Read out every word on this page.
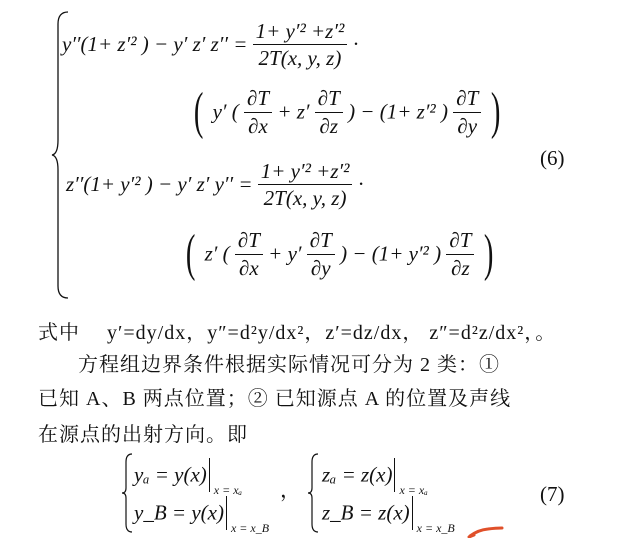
y′′(1+ z′² ) − y′ z′ $z'' = \frac{\text{1+ y′² +z′²}}{2T(x, y, z)}$ ·
( y′ ( $\frac{\partial T}{\partial x} + z' \frac{\partial T}{\partial z}$ ) − (1+ z′² ) $\frac{\partial T}{\partial y}$ )
(6)
z′′(1+ y′² ) − y′ z′ $y'' = \frac{\text{1+ y′² +z′²}}{2T(x, y, z)}$ ·
( z′ ( $\frac{\partial T}{\partial x} + y' \frac{\partial T}{\partial y}$ ) − (1+ y′² ) $\frac{\partial T}{\partial z}$ )
式中　 y′=dy/dx，y″=d²y/dx²，z′=dz/dx， z″=d²z/dx²，。
方程组边界条件根据实际情况可分为 2 类：①
已知 A、B 两点位置；② 已知源点 A 的位置及声线
在源点的出射方向。即
yₐ = y(x)
x = xₐ
y_B = y(x)
x = x_B
，
zₐ = z(x)
x = xₐ
z_B = z(x)
x = x_B
(7)
